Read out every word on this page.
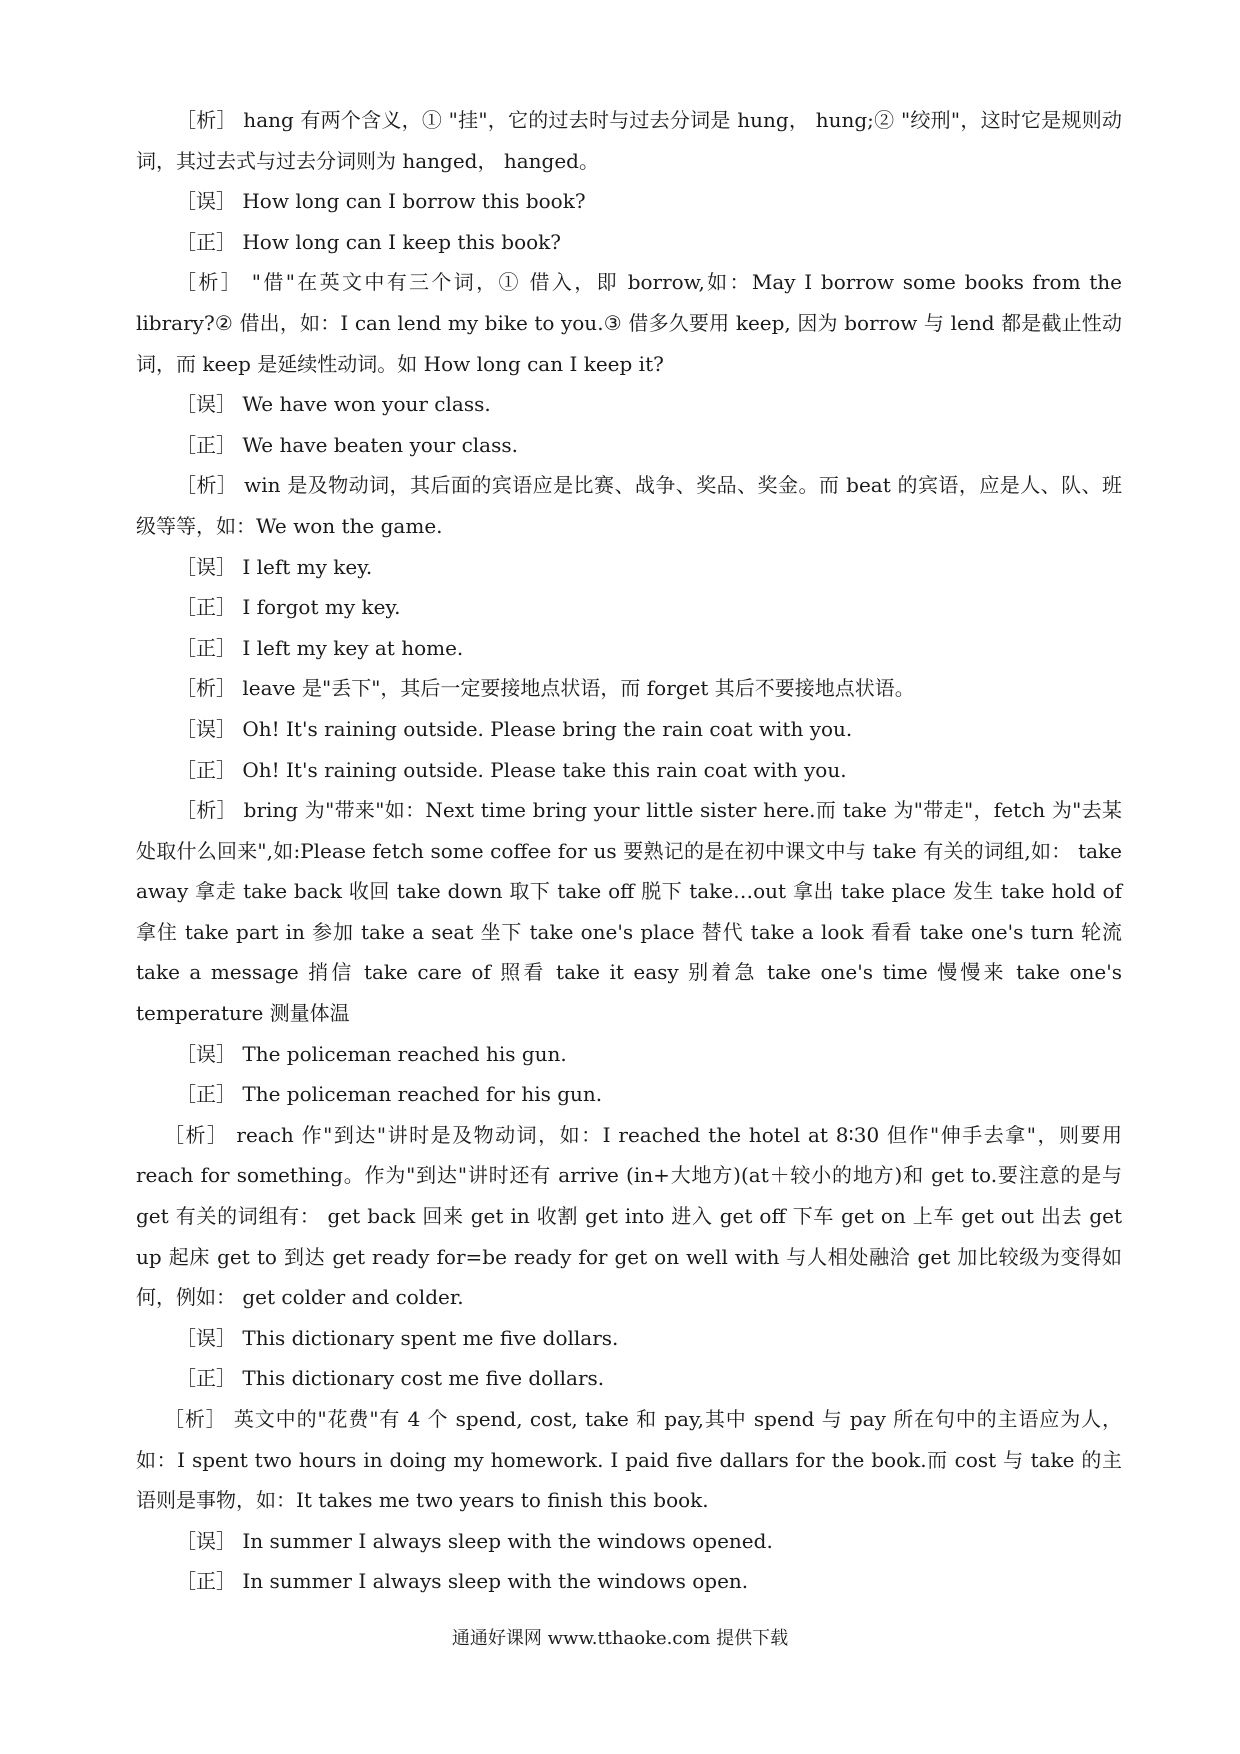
［析］ hang 有两个含义，① "挂"，它的过去时与过去分词是 hung， hung;② "绞刑"，这时它是规则动词，其过去式与过去分词则为 hanged， hanged。

［误］ How long can I borrow this book?

［正］ How long can I keep this book?

［析］ "借"在英文中有三个词，① 借入，即 borrow,如：May I borrow some books from the library?② 借出，如：I can lend my bike to you.③ 借多久要用 keep, 因为 borrow 与 lend 都是截止性动词，而 keep 是延续性动词。如 How long can I keep it?

［误］ We have won your class.

［正］ We have beaten your class.

［析］ win 是及物动词，其后面的宾语应是比赛、战争、奖品、奖金。而 beat 的宾语，应是人、队、班级等等，如：We won the game.

［误］ I left my key.

［正］ I forgot my key.

［正］ I left my key at home.

［析］ leave 是"丢下"，其后一定要接地点状语，而 forget 其后不要接地点状语。

［误］ Oh! It's raining outside. Please bring the rain coat with you.

［正］ Oh! It's raining outside. Please take this rain coat with you.

［析］ bring 为"带来"如：Next time bring your little sister here.而 take 为"带走"，fetch 为"去某处取什么回来",如:Please fetch some coffee for us 要熟记的是在初中课文中与 take 有关的词组,如： take away 拿走 take back 收回 take down 取下 take off 脱下 take…out 拿出 take place 发生 take hold of 拿住 take part in 参加 take a seat 坐下 take one's place 替代 take a look 看看 take one's turn 轮流 take a message 捎信 take care of 照看 take it easy 别着急 take one's time 慢慢来 take one's temperature 测量体温

［误］ The policeman reached his gun.

［正］ The policeman reached for his gun.

［析］ reach 作"到达"讲时是及物动词，如：I reached the hotel at 8∶30 但作"伸手去拿"，则要用 reach for something。作为"到达"讲时还有 arrive (in+大地方)(at＋较小的地方)和 get to.要注意的是与 get 有关的词组有： get back 回来 get in 收割 get into 进入 get off 下车 get on 上车 get out 出去 get up 起床 get to 到达 get ready for=be ready for get on well with 与人相处融洽 get 加比较级为变得如何，例如： get colder and colder.

［误］ This dictionary spent me five dollars.

［正］ This dictionary cost me five dollars.

［析］ 英文中的"花费"有 4 个 spend, cost, take 和 pay,其中 spend 与 pay 所在句中的主语应为人，如：I spent two hours in doing my homework. I paid five dallars for the book.而 cost 与 take 的主语则是事物，如：It takes me two years to finish this book.

［误］ In summer I always sleep with the windows opened.

［正］ In summer I always sleep with the windows open.

通通好课网 www.tthaoke.com 提供下载
